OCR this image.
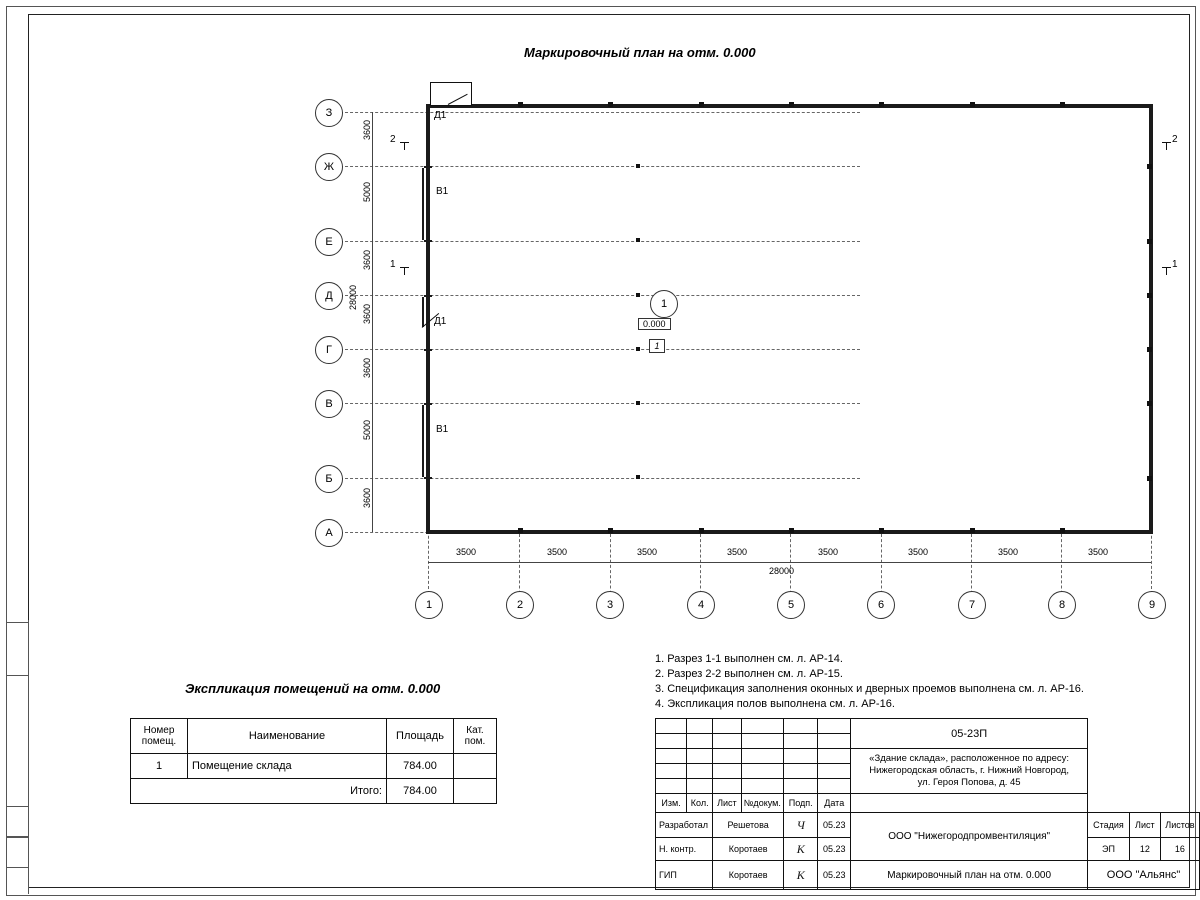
Маркировочный план на отм. 0.000
Экспликация помещений на отм. 0.000
Д1
В1
Д1
В1
1
0.000
1
2
1
2
1
З
Ж
Е
Д
Г
В
Б
А
3600
5000
3600
3600
3600
5000
3600
28000
3500	3500	3500	3500	3500	3500	3500	3500
28000
1	2	3	4	5	6	7	8	9
1. Разрез 1-1 выполнен см. л. АР-14.
2. Разрез 2-2 выполнен см. л. АР-15.
3. Спецификация заполнения оконных и дверных проемов выполнена см. л. АР-16.
4. Экспликация полов выполнена см. л. АР-16.
Номер помещ.	Наименование	Площадь	Кат. пом.
1	Помещение склада	784.00	
	Итого:	784.00	
						05-23П			

						«Здание склада», расположенное по адресу:
Нижегородская область, г. Нижний Новгород,
ул. Героя Попова, д. 45			

Изм.	Кол.	Лист	№докум.	Подп.	Дата				
Разработал		Решетова		Ч	05.23	ООО "Нижегородпромвентиляция"	Стадия	Лист	Листов
Н. контр.		Коротаев		К	05.23		ЭП	12	16
ГИП		Коротаев		К	05.23	Маркировочный план на отм. 0.000	ООО "Альянс"		
